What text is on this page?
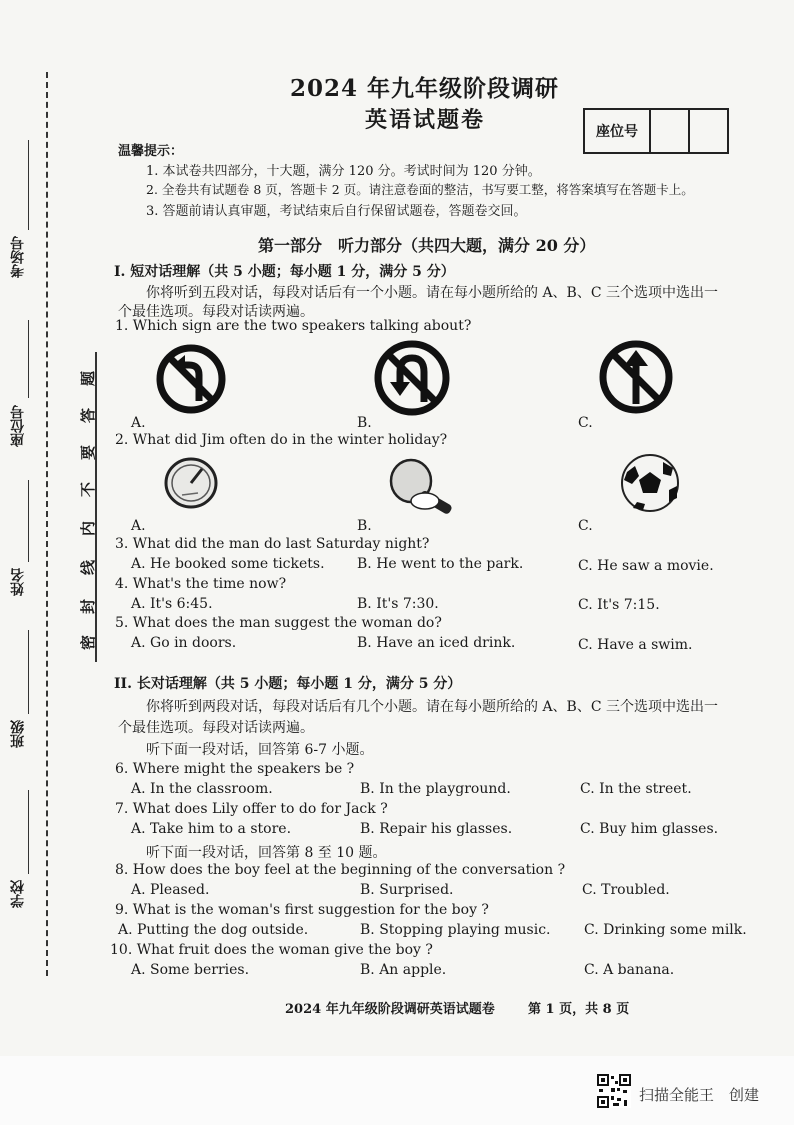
考场号
座位号
姓名
班级
学校
题
答
要
不
内
线
封
密
2024 年九年级阶段调研
英语试题卷	座位号
温馨提示：
1. 本试卷共四部分，十大题，满分 120 分。考试时间为 120 分钟。
2. 全卷共有试题卷 8 页，答题卡 2 页。请注意卷面的整洁，书写要工整，将答案填写在答题卡上。
3. 答题前请认真审题，考试结束后自行保留试题卷，答题卷交回。
第一部分　听力部分（共四大题，满分 20 分）
I. 短对话理解（共 5 小题；每小题 1 分，满分 5 分）
你将听到五段对话，每段对话后有一个小题。请在每小题所给的 A、B、C 三个选项中选出一
个最佳选项。每段对话读两遍。
1. Which sign are the two speakers talking about?
A.	B.	C.
2. What did Jim often do in the winter holiday?
A.	B.	C.
3. What did the man do last Saturday night?
A. He booked some tickets. B. He went to the park.	C. He saw a movie.
4. What's the time now?
A. It's 6:45.	B. It's 7:30.	C. It's 7:15.
5. What does the man suggest the woman do?
A. Go in doors.	B. Have an iced drink.	C. Have a swim.
II. 长对话理解（共 5 小题；每小题 1 分，满分 5 分）
你将听到两段对话，每段对话后有几个小题。请在每小题所给的 A、B、C 三个选项中选出一
个最佳选项。每段对话读两遍。
听下面一段对话，回答第 6-7 小题。
6. Where might the speakers be ?
A. In the classroom.	B. In the playground.	C. In the street.
7. What does Lily offer to do for Jack ?
A. Take him to a store.	B. Repair his glasses.	C. Buy him glasses.
听下面一段对话，回答第 8 至 10 题。
8. How does the boy feel at the beginning of the conversation ?
A. Pleased.	B. Surprised.	C. Troubled.
9. What is the woman's first suggestion for the boy ?
A. Putting the dog outside.	B. Stopping playing music. C. Drinking some milk.
10. What fruit does the woman give the boy ?
A. Some berries.	B. An apple.	C. A banana.
2024 年九年级阶段调研英语试题卷	第 1 页，共 8 页
扫描全能王　创建
